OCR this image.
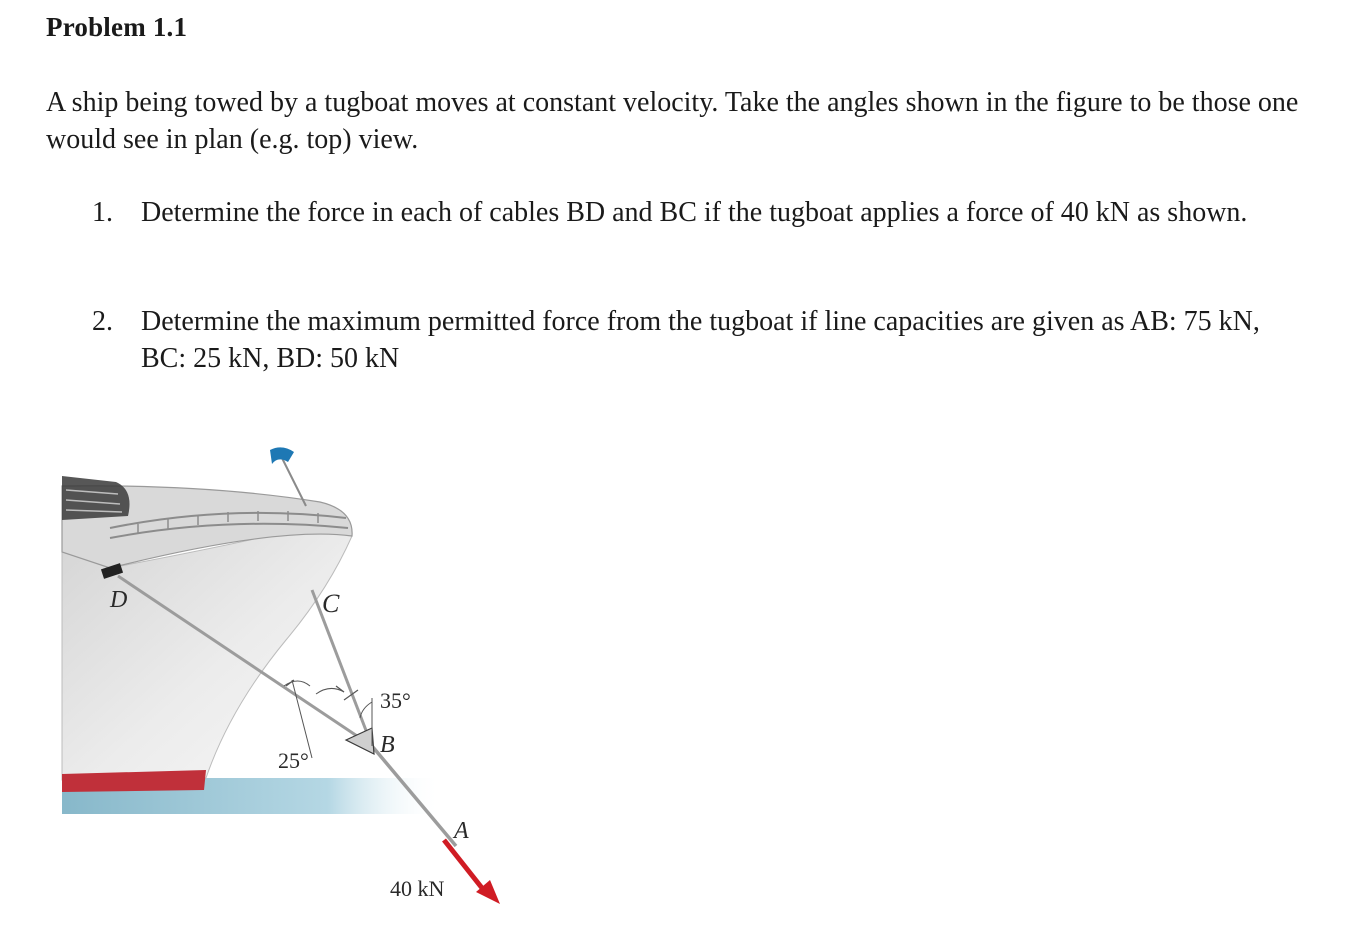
Problem 1.1

A ship being towed by a tugboat moves at constant velocity. Take the angles shown in the figure to be those one would see in plan (e.g. top) view.

1. Determine the force in each of cables BD and BC if the tugboat applies a force of 40 kN as shown.
2. Determine the maximum permitted force from the tugboat if line capacities are given as AB: 75 kN, BC: 25 kN, BD: 50 kN
D	C
35°
B
25°
A
40 kN
